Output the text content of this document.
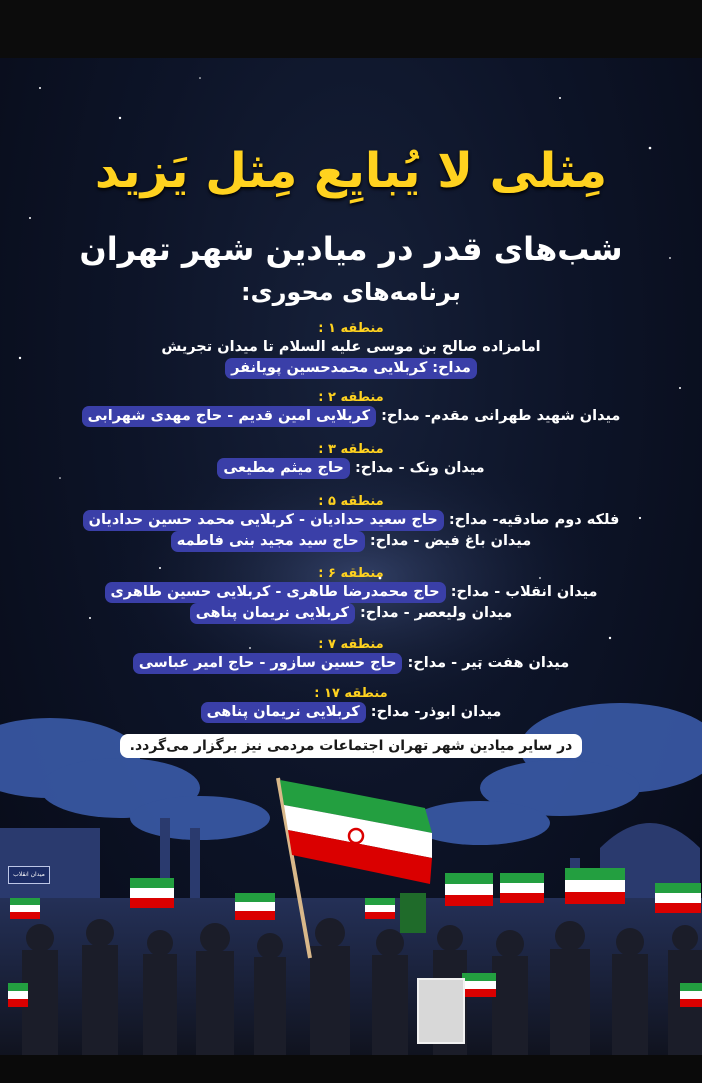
میدان انقلاب
مِثلی لا یُبایِع مِثل یَزید
شب‌های قدر در میادین شهر تهران
برنامه‌های محوری:
منطقه ۱ :
امامزاده صالح بن موسی علیه السلام تا میدان تجریش
مداح: کربلایی محمدحسین پویانفر
منطقه ۲ :
میدان شهید طهرانی مقدم- مداح: کربلایی امین قدیم - حاج مهدی شهرابی
منطقه ۳ :
میدان ونک - مداح: حاج میثم مطیعی
منطقه ۵ :
فلکه دوم صادقیه- مداح: حاج سعید حدادیان - کربلایی محمد حسین حدادیان
میدان باغ فیض - مداح: حاج سید مجید بنی فاطمه
منطقه ۶ :
میدان انقلاب - مداح: حاج محمدرضا طاهری - کربلایی حسین طاهری
میدان ولیعصر - مداح: کربلایی نریمان پناهی
منطقه ۷ :
میدان هفت تیر - مداح: حاج حسین سازور - حاج امیر عباسی
منطقه ۱۷ :
میدان ابوذر- مداح: کربلایی نریمان پناهی
در سایر میادین شهر تهران اجتماعات مردمی نیز برگزار می‌گردد.
